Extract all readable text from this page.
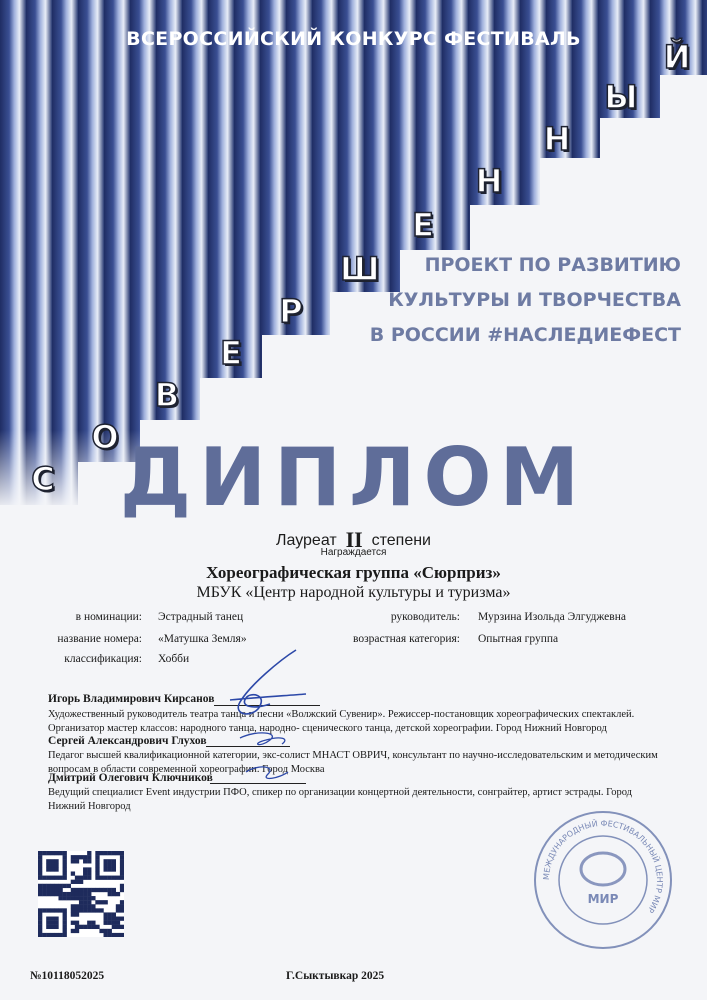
ВСЕРОССИЙСКИЙ КОНКУРС ФЕСТИВАЛЬ
С
О
В
Е
Р
Ш
Е
Н
Н
Ы
Й
ПРОЕКТ ПО РАЗВИТИЮ
КУЛЬТУРЫ И ТВОРЧЕСТВА
В РОССИИ #НАСЛЕДИЕФЕСТ
ДИПЛОМ
Лауреат II степени
Награждается
Хореографическая группа «Сюрприз»
МБУК «Центр народной культуры и туризма»
в номинации: Эстрадный танец	руководитель: Мурзина Изольда Элгуджевна
название номера: «Матушка Земля»	возрастная категория: Опытная группа
классификация: Хобби
Игорь Владимирович Кирсанов
Художественный руководитель театра танца и песни «Волжский Сувенир». Режиссер-постановщик хореографических спектаклей. Организатор мастер классов: народного танца, народно- сценического танца, детской хореографии. Город Нижний Новгород
Сергей Александрович Глухов
Педагог высшей квалификационной категории, экс-солист МНАСТ ОВРИЧ, консультант по научно-исследовательским и методическим вопросам в области современной хореографии. Город Москва
Дмитрий Олегович Ключников
Ведущий специалист Event индустрии ПФО, спикер по организации концертной деятельности, сонграйтер, артист эстрады. Город Нижний Новгород
МЕЖДУНАРОДНЫЙ ФЕСТИВАЛЬНЫЙ ЦЕНТР МИР
МИР
№10118052025	Г.Сыктывкар 2025
